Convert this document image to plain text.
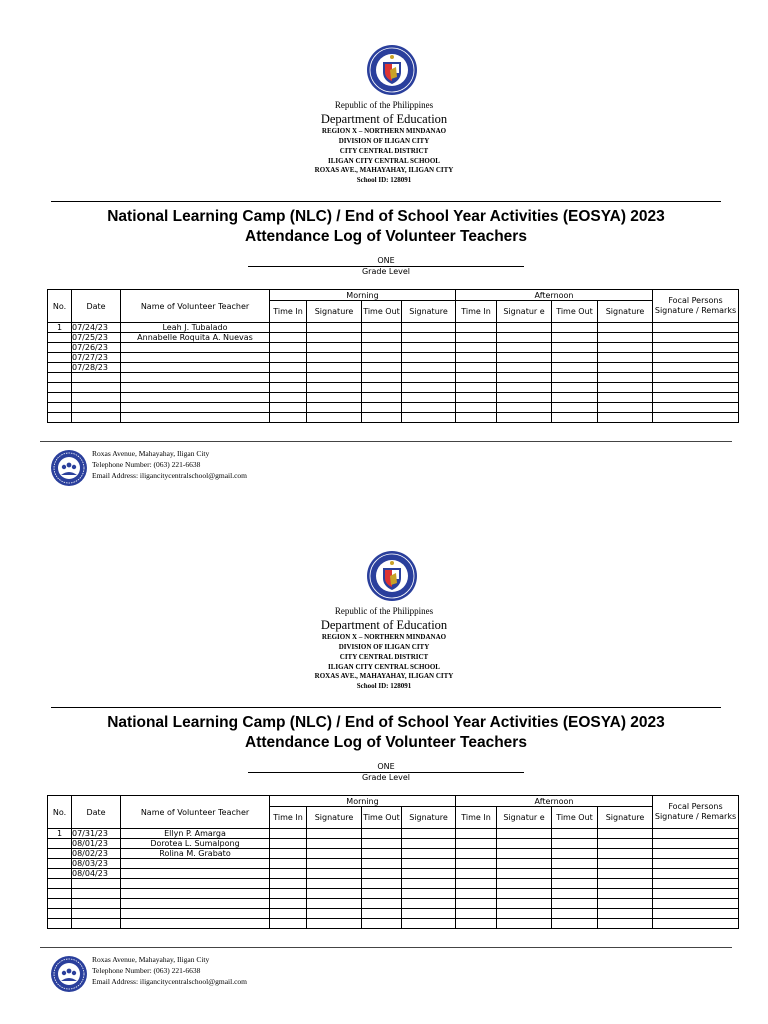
Republic of the Philippines
Department of Education
REGION X – NORTHERN MINDANAO
DIVISION OF ILIGAN CITY
CITY CENTRAL DISTRICT
ILIGAN CITY CENTRAL SCHOOL
ROXAS AVE., MAHAYAHAY, ILIGAN CITY
School ID: 128091
National Learning Camp (NLC) / End of School Year Activities (EOSYA) 2023
Attendance Log of Volunteer Teachers
ONE
Grade Level
No.	Date	Name of Volunteer Teacher	Morning				Afternoon				Focal Persons Signature / Remarks
			Time In	Signature	Time Out	Signature	Time In	Signatur e	Time Out	Signature	
1	07/24/23	Leah J. Tubalado									
	07/25/23	Annabelle Roquita A. Nuevas									
	07/26/23										
	07/27/23										
	07/28/23										

Roxas Avenue, Mahayahay, Iligan City
Telephone Number: (063) 221-6638
Email Address: iligancitycentralschool@gmail.com
Republic of the Philippines
Department of Education
REGION X – NORTHERN MINDANAO
DIVISION OF ILIGAN CITY
CITY CENTRAL DISTRICT
ILIGAN CITY CENTRAL SCHOOL
ROXAS AVE., MAHAYAHAY, ILIGAN CITY
School ID: 128091
National Learning Camp (NLC) / End of School Year Activities (EOSYA) 2023
Attendance Log of Volunteer Teachers
ONE
Grade Level
No.	Date	Name of Volunteer Teacher	Morning				Afternoon				Focal Persons Signature / Remarks
			Time In	Signature	Time Out	Signature	Time In	Signatur e	Time Out	Signature	
1	07/31/23	Ellyn P. Amarga									
	08/01/23	Dorotea L. Sumalpong									
	08/02/23	Rolina M. Grabato									
	08/03/23										
	08/04/23										

Roxas Avenue, Mahayahay, Iligan City
Telephone Number: (063) 221-6638
Email Address: iligancitycentralschool@gmail.com
